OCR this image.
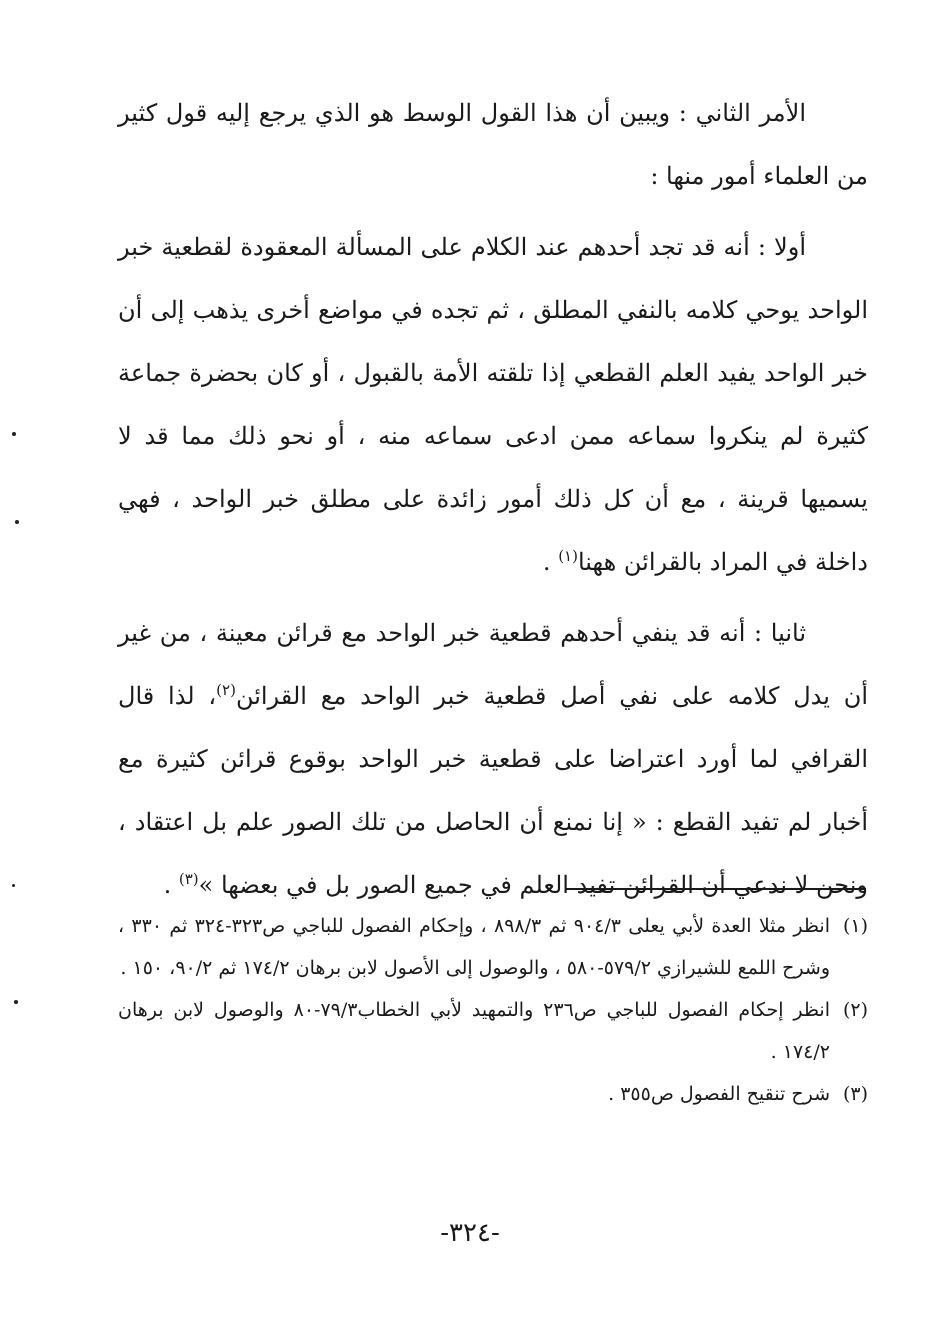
الأمر الثاني : ويبين أن هذا القول الوسط هو الذي يرجع إليه قول كثير من العلماء أمور منها :

أولا : أنه قد تجد أحدهم عند الكلام على المسألة المعقودة لقطعية خبر الواحد يوحي كلامه بالنفي المطلق ، ثم تجده في مواضع أخرى يذهب إلى أن خبر الواحد يفيد العلم القطعي إذا تلقته الأمة بالقبول ، أو كان بحضرة جماعة كثيرة لم ينكروا سماعه ممن ادعى سماعه منه ، أو نحو ذلك مما قد لا يسميها قرينة ، مع أن كل ذلك أمور زائدة على مطلق خبر الواحد ، فهي داخلة في المراد بالقرائن ههنا$^{(١)}$ .

ثانيا : أنه قد ينفي أحدهم قطعية خبر الواحد مع قرائن معينة ، من غير أن يدل كلامه على نفي أصل قطعية خبر الواحد مع القرائن$^{(٢)}$، لذا قال القرافي لما أورد اعتراضا على قطعية خبر الواحد بوقوع قرائن كثيرة مع أخبار لم تفيد القطع : « إنا نمنع أن الحاصل من تلك الصور علم بل اعتقاد ، ونحن لا ندعي أن القرائن تفيد العلم في جميع الصور بل في بعضها »$^{(٣)}$ .

(١)
انظر مثلا العدة لأبي يعلى ٩٠٤/٣ ثم ٨٩٨/٣ ، وإحكام الفصول للباجي ص٣٢٣-٣٢٤ ثم ٣٣٠ ، وشرح اللمع للشيرازي ٥٧٩/٢-٥٨٠ ، والوصول إلى الأصول لابن برهان ١٧٤/٢ ثم ٩٠/٢، ١٥٠ .

(٢)
انظر إحكام الفصول للباجي ص٢٣٦ والتمهيد لأبي الخطاب٧٩/٣-٨٠ والوصول لابن برهان ١٧٤/٢ .

(٣)
شرح تنقيح الفصول ص٣٥٥ .

-٣٢٤-
